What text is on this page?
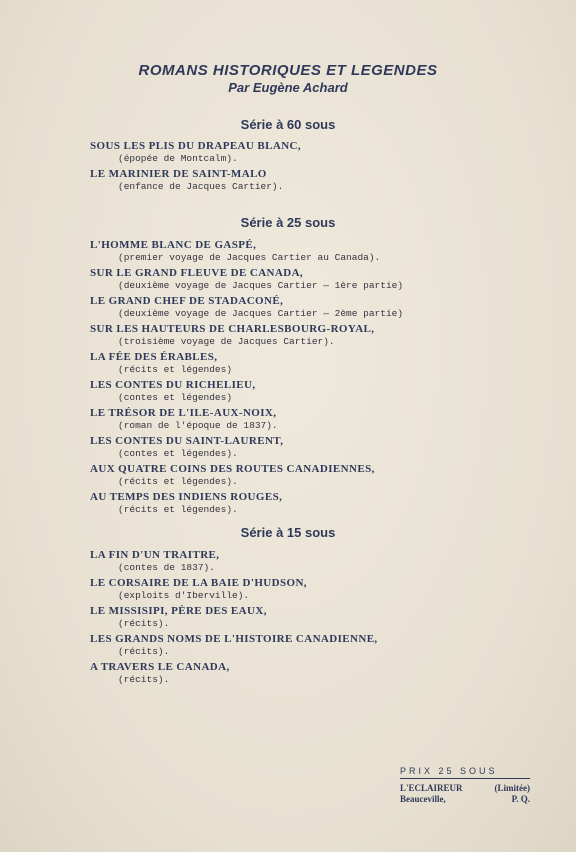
ROMANS HISTORIQUES ET LEGENDES
Par Eugène Achard
Série à 60 sous
SOUS LES PLIS DU DRAPEAU BLANC,
(épopée de Montcalm).
LE MARINIER DE SAINT-MALO
(enfance de Jacques Cartier).
Série à 25 sous
L'HOMME BLANC DE GASPÉ,
(premier voyage de Jacques Cartier au Canada).
SUR LE GRAND FLEUVE DE CANADA,
(deuxième voyage de Jacques Cartier — 1ère partie)
LE GRAND CHEF DE STADACONÉ,
(deuxième voyage de Jacques Cartier — 2ème partie)
SUR LES HAUTEURS DE CHARLESBOURG-ROYAL,
(troisième voyage de Jacques Cartier).
LA FÉE DES ÉRABLES,
(récits et légendes)
LES CONTES DU RICHELIEU,
(contes et légendes)
LE TRÉSOR DE L'ILE-AUX-NOIX,
(roman de l'époque de 1837).
LES CONTES DU SAINT-LAURENT,
(contes et légendes).
AUX QUATRE COINS DES ROUTES CANADIENNES,
(récits et légendes).
AU TEMPS DES INDIENS ROUGES,
(récits et légendes).
Série à 15 sous
LA FIN D'UN TRAITRE,
(contes de 1837).
LE CORSAIRE DE LA BAIE D'HUDSON,
(exploits d'Iberville).
LE MISSISIPI, PÈRE DES EAUX,
(récits).
LES GRANDS NOMS DE L'HISTOIRE CANADIENNE,
(récits).
A TRAVERS LE CANADA,
(récits).
PRIX 25 SOUS
L'ECLAIREUR	(Limitée)
Beauceville,	P. Q.
